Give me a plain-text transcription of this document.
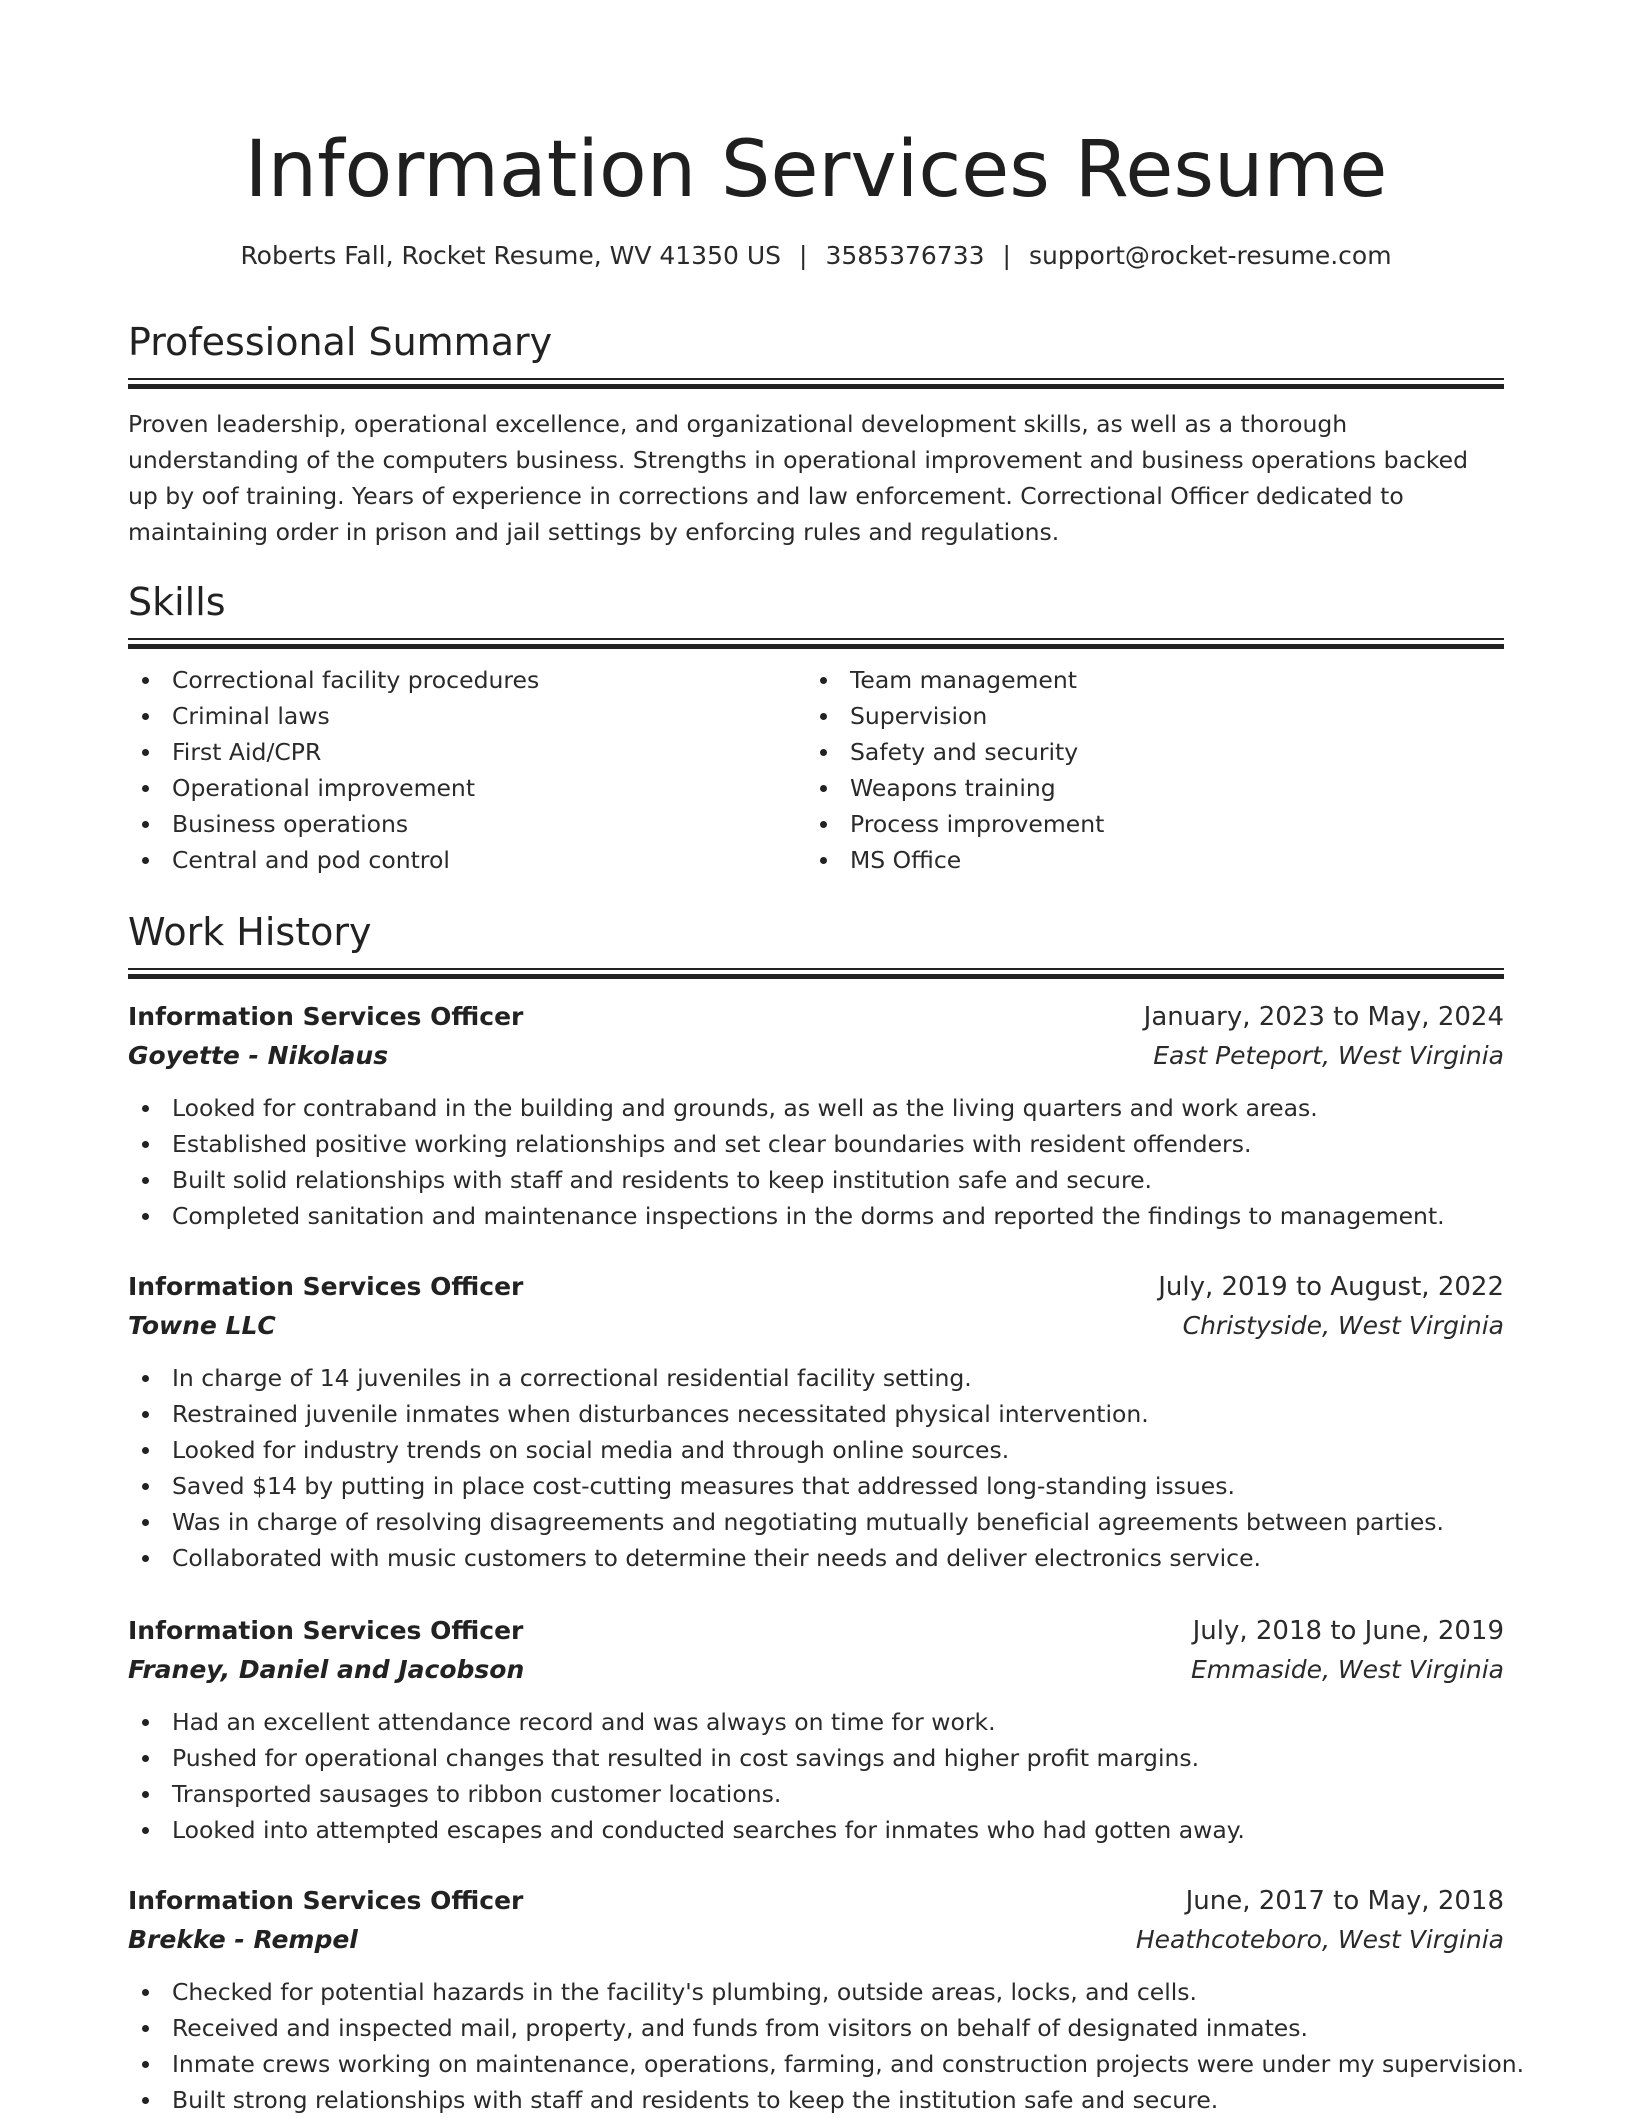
Information Services Resume
Roberts Fall, Rocket Resume, WV 41350 US | 3585376733 | support@rocket-resume.com
Professional Summary
Proven leadership, operational excellence, and organizational development skills, as well as a thorough understanding of the computers business. Strengths in operational improvement and business operations backed up by oof training. Years of experience in corrections and law enforcement. Correctional Officer dedicated to maintaining order in prison and jail settings by enforcing rules and regulations.
Skills
Correctional facility procedures
Criminal laws
First Aid/CPR
Operational improvement
Business operations
Central and pod control
Team management
Supervision
Safety and security
Weapons training
Process improvement
MS Office
Work History
Information Services Officer	January, 2023 to May, 2024
Goyette - Nikolaus	East Peteport, West Virginia
Looked for contraband in the building and grounds, as well as the living quarters and work areas.
Established positive working relationships and set clear boundaries with resident offenders.
Built solid relationships with staff and residents to keep institution safe and secure.
Completed sanitation and maintenance inspections in the dorms and reported the findings to management.
Information Services Officer	July, 2019 to August, 2022
Towne LLC	Christyside, West Virginia
In charge of 14 juveniles in a correctional residential facility setting.
Restrained juvenile inmates when disturbances necessitated physical intervention.
Looked for industry trends on social media and through online sources.
Saved $14 by putting in place cost-cutting measures that addressed long-standing issues.
Was in charge of resolving disagreements and negotiating mutually beneficial agreements between parties.
Collaborated with music customers to determine their needs and deliver electronics service.
Information Services Officer	July, 2018 to June, 2019
Franey, Daniel and Jacobson	Emmaside, West Virginia
Had an excellent attendance record and was always on time for work.
Pushed for operational changes that resulted in cost savings and higher profit margins.
Transported sausages to ribbon customer locations.
Looked into attempted escapes and conducted searches for inmates who had gotten away.
Information Services Officer	June, 2017 to May, 2018
Brekke - Rempel	Heathcoteboro, West Virginia
Checked for potential hazards in the facility's plumbing, outside areas, locks, and cells.
Received and inspected mail, property, and funds from visitors on behalf of designated inmates.
Inmate crews working on maintenance, operations, farming, and construction projects were under my supervision.
Built strong relationships with staff and residents to keep the institution safe and secure.
